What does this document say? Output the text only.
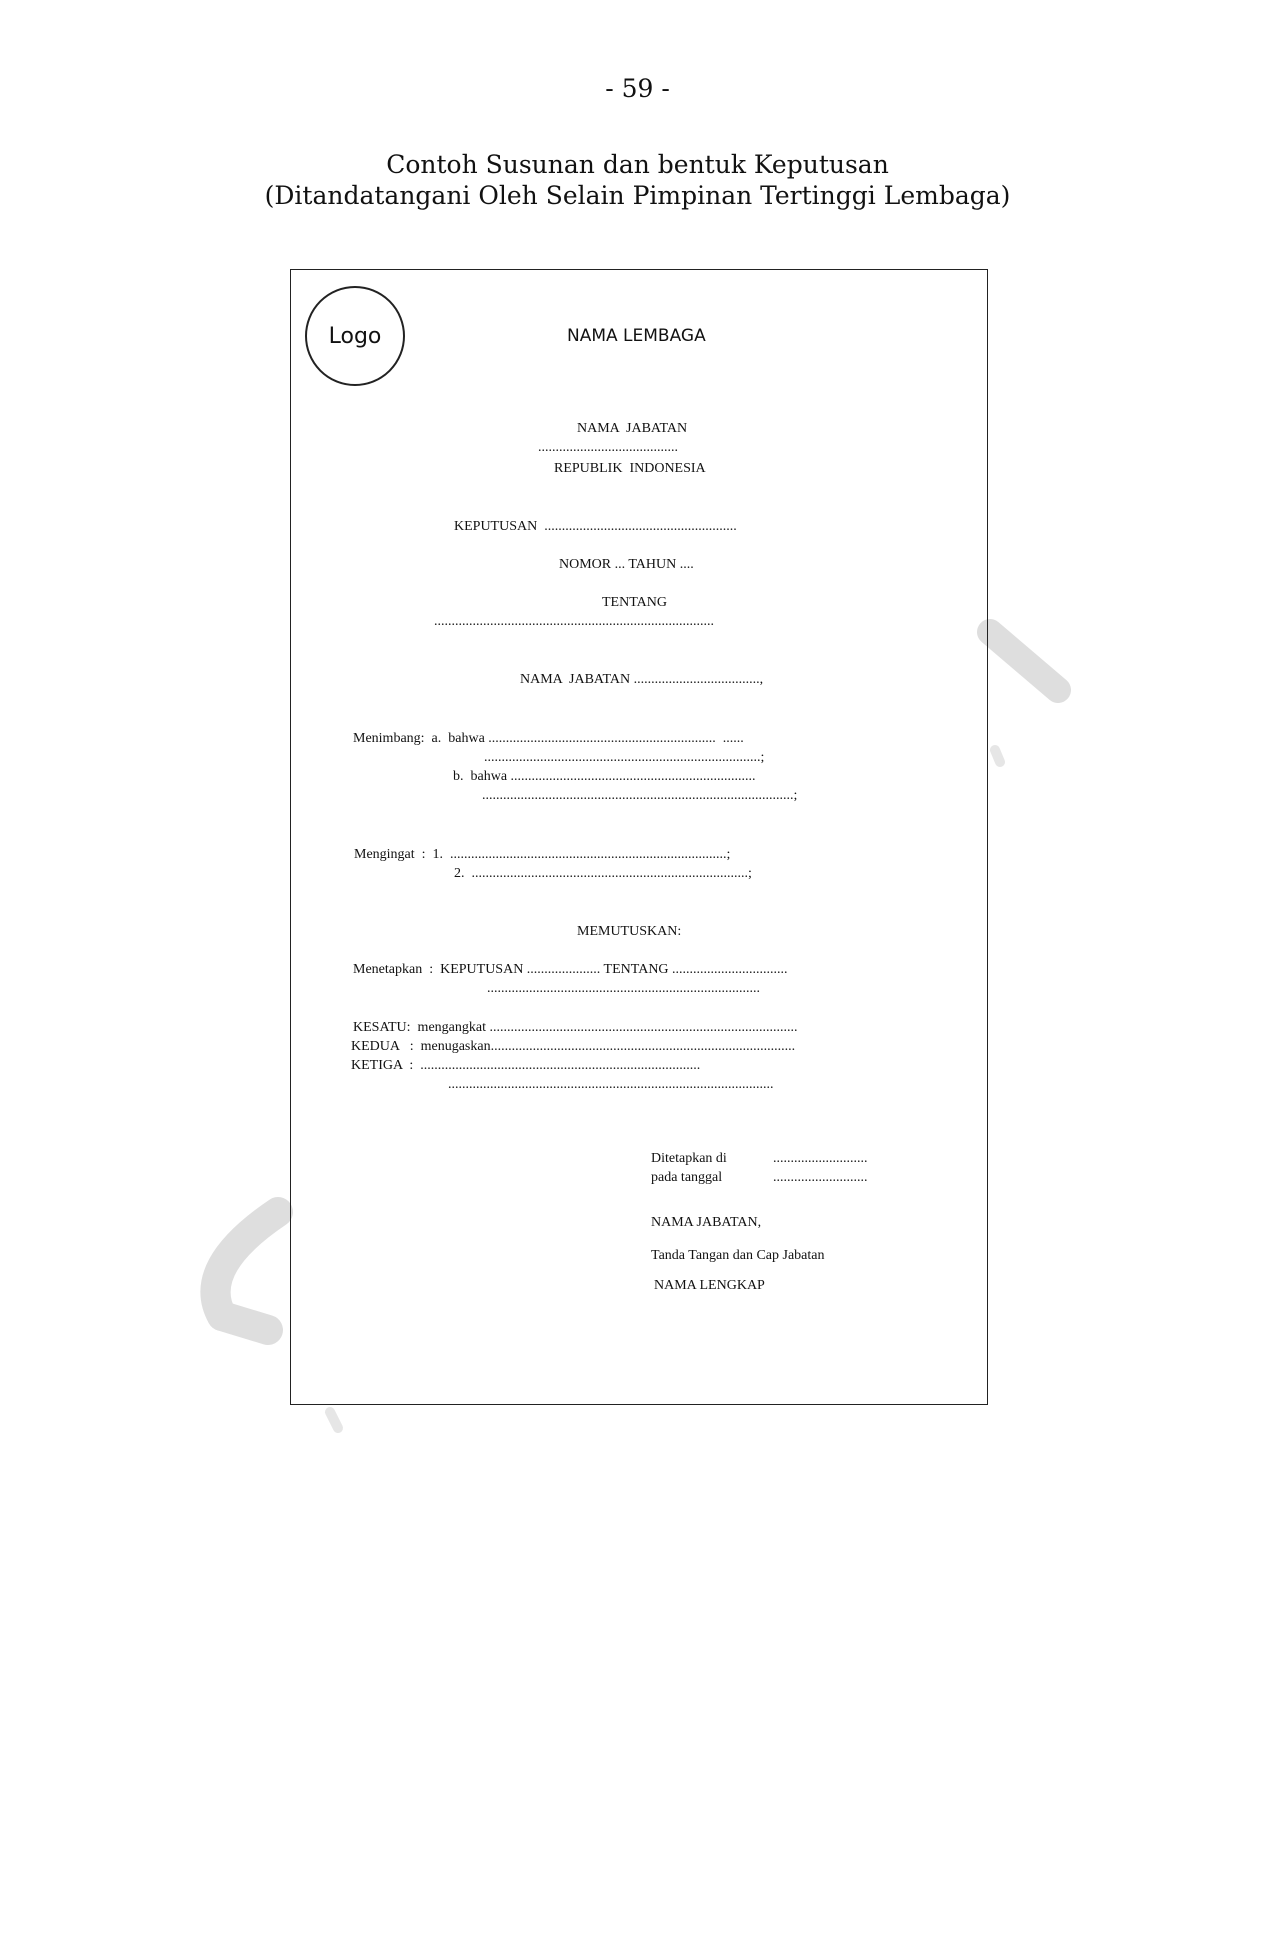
- 59 -
Contoh Susunan dan bentuk Keputusan
(Ditandatangani Oleh Selain Pimpinan Tertinggi Lembaga)
Logo	NAMA LEMBAGA
NAMA  JABATAN
........................................
REPUBLIK  INDONESIA
KEPUTUSAN  .......................................................
NOMOR ... TAHUN ....
TENTANG
................................................................................
NAMA  JABATAN ....................................,
Menimbang:  a.  bahwa .................................................................  ......
...............................................................................;
b.  bahwa ......................................................................
.........................................................................................;
Mengingat  :  1.  ...............................................................................;
2.  ...............................................................................;
MEMUTUSKAN:
Menetapkan  :  KEPUTUSAN ..................... TENTANG .................................
..............................................................................
KESATU:  mengangkat ........................................................................................
KEDUA   :  menugaskan.......................................................................................
KETIGA  :  ................................................................................
.............................................................................................
Ditetapkan di	...........................
pada tanggal	...........................
NAMA JABATAN,
Tanda Tangan dan Cap Jabatan
NAMA LENGKAP
